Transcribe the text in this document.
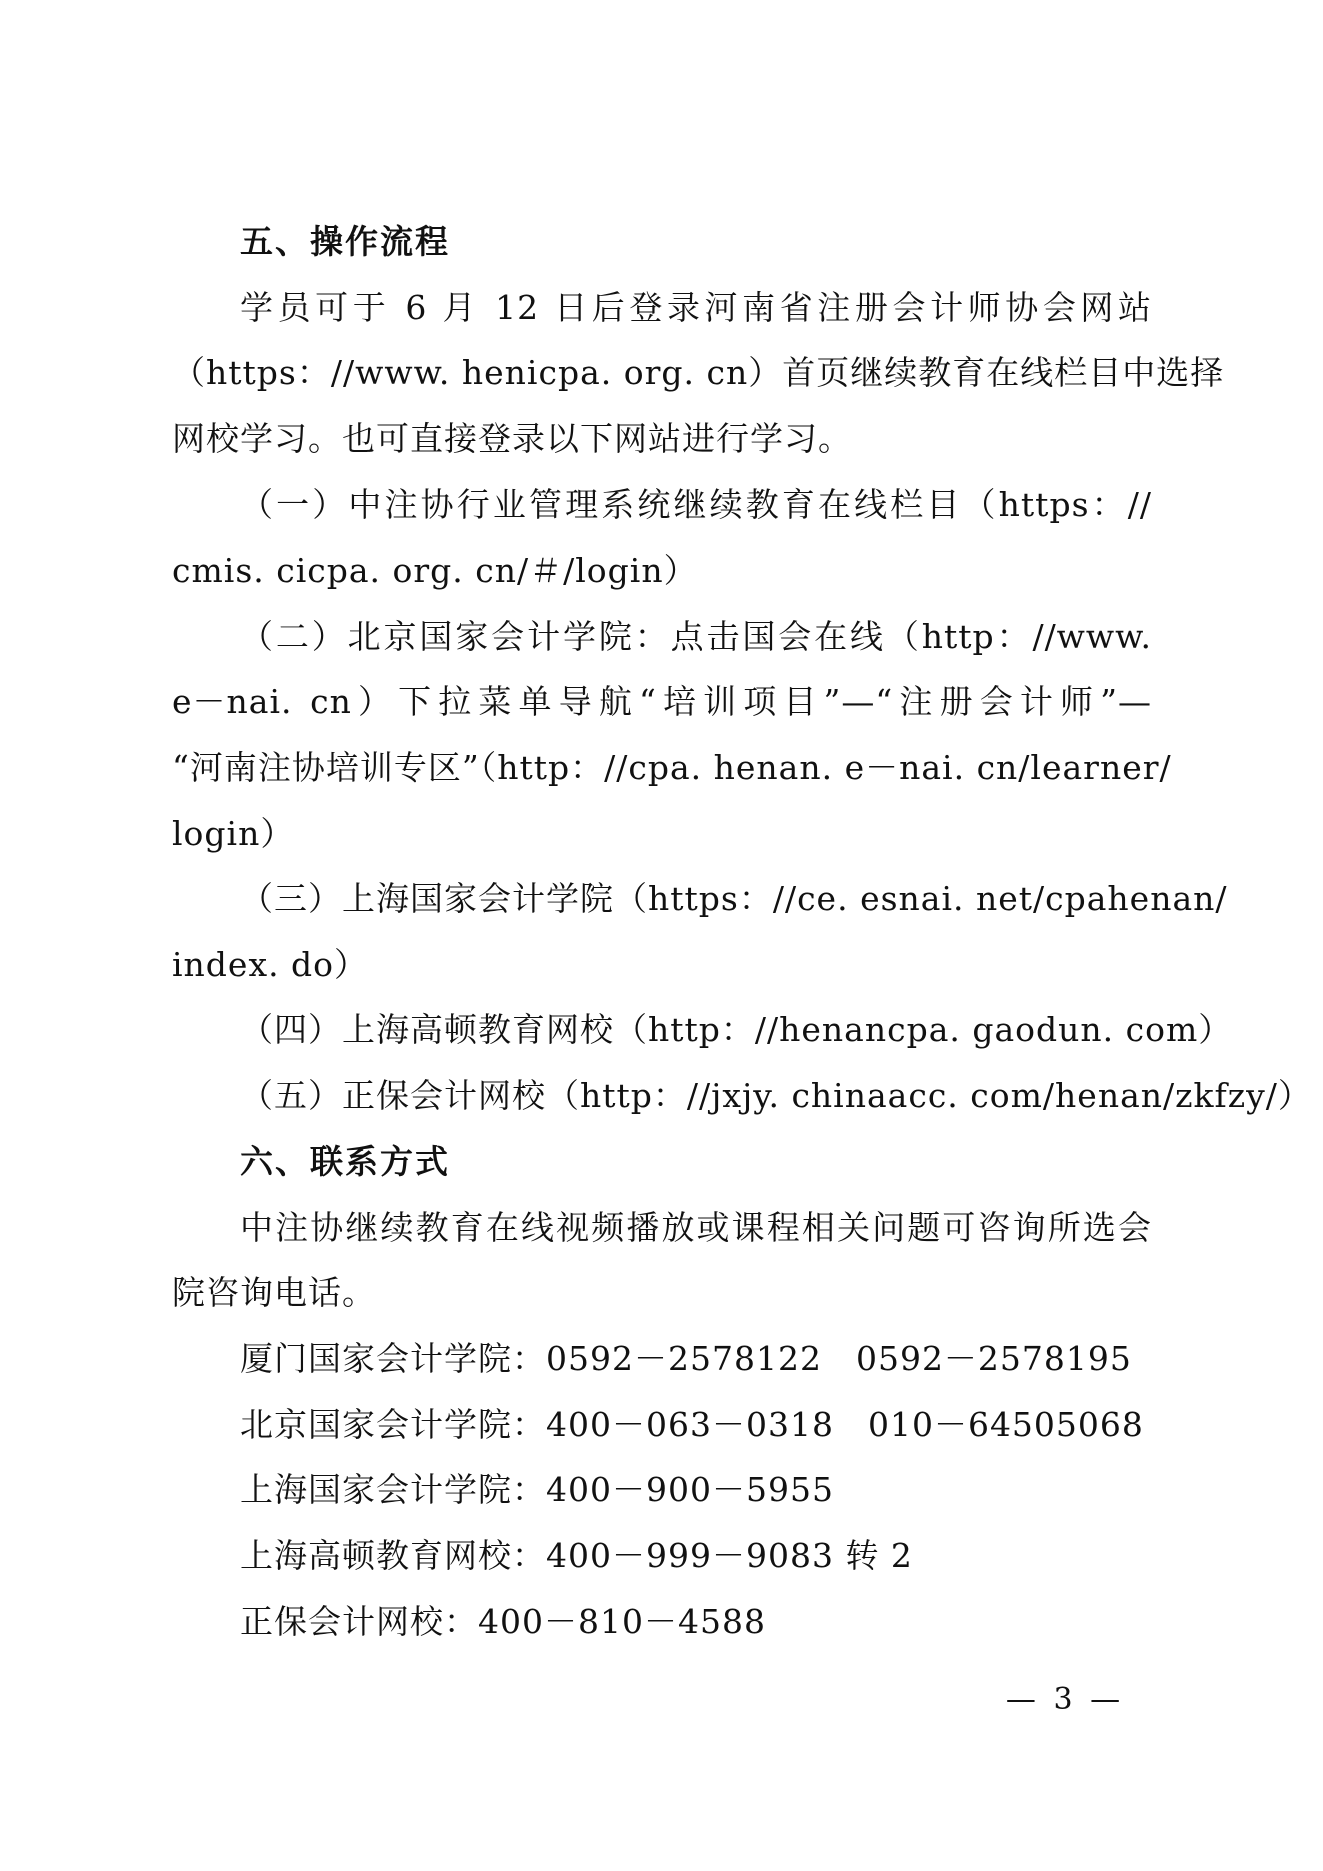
五、操作流程
学员可于 6 月 12 日后登录河南省注册会计师协会网站
（https：//www. henicpa. org. cn）首页继续教育在线栏目中选择
网校学习。也可直接登录以下网站进行学习。
（一）中注协行业管理系统继续教育在线栏目（https：//
cmis. cicpa. org. cn/＃/login）
（二）北京国家会计学院：点击国会在线（http：//www.
e－nai. cn）下拉菜单导航“培训项目”—“注册会计师”—
“河南注协培训专区”（http：//cpa. henan. e－nai. cn/learner/
login）
（三）上海国家会计学院（https：//ce. esnai. net/cpahenan/
index. do）
（四）上海高顿教育网校（http：//henancpa. gaodun. com）
（五）正保会计网校（http：//jxjy. chinaacc. com/henan/zkfzy/）
六、联系方式
中注协继续教育在线视频播放或课程相关问题可咨询所选会
院咨询电话。
厦门国家会计学院：0592－2578122　0592－2578195
北京国家会计学院：400－063－0318　010－64505068
上海国家会计学院：400－900－5955
上海高顿教育网校：400－999－9083 转 2
正保会计网校：400－810－4588
— 3 —
